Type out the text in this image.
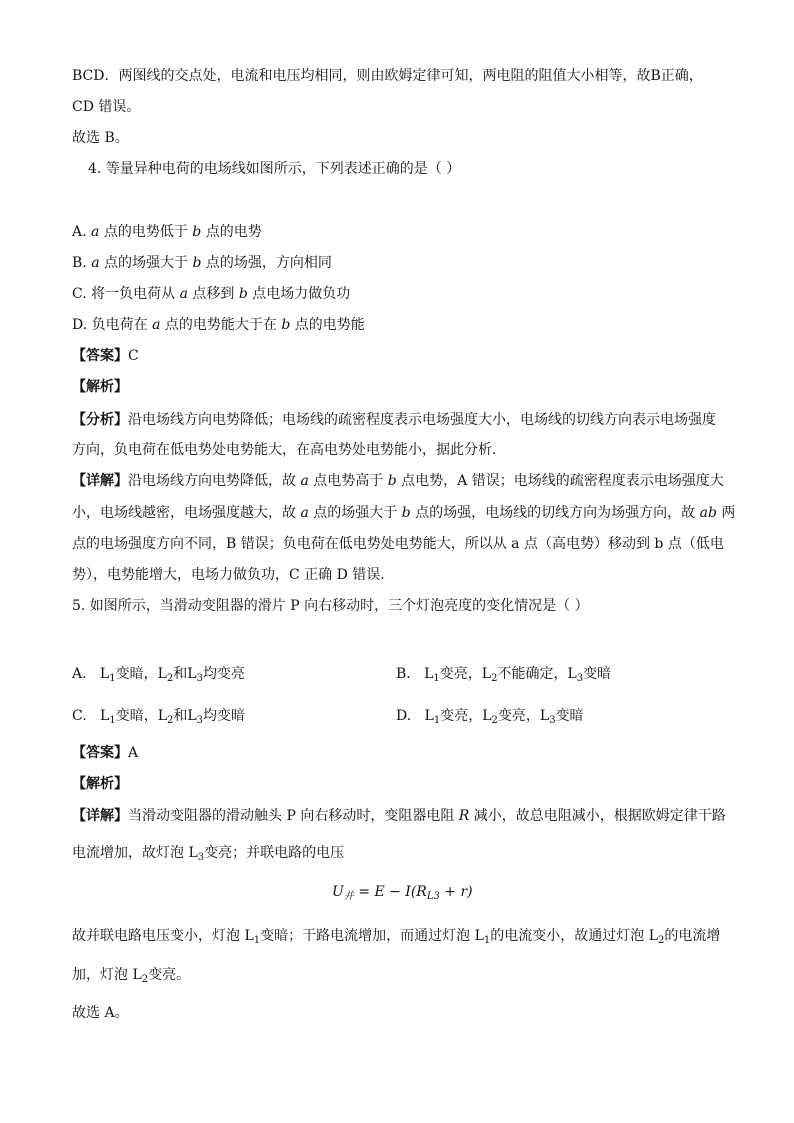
BCD．两图线的交点处，电流和电压均相同，则由欧姆定律可知，两电阻的阻值大小相等，故B正确，
CD 错误。
故选 B。
4. 等量异种电荷的电场线如图所示，下列表述正确的是（ ）
A. a 点的电势低于 b 点的电势
B. a 点的场强大于 b 点的场强，方向相同
C. 将一负电荷从 a 点移到 b 点电场力做负功
D. 负电荷在 a 点的电势能大于在 b 点的电势能
【答案】C
【解析】
【分析】沿电场线方向电势降低；电场线的疏密程度表示电场强度大小，电场线的切线方向表示电场强度
方向，负电荷在低电势处电势能大，在高电势处电势能小，据此分析．
【详解】沿电场线方向电势降低，故 a 点电势高于 b 点电势，A 错误；电场线的疏密程度表示电场强度大
小，电场线越密，电场强度越大，故 a 点的场强大于 b 点的场强，电场线的切线方向为场强方向，故 ab 两
点的电场强度方向不同，B 错误；负电荷在低电势处电势能大，所以从 a 点（高电势）移动到 b 点（低电
势），电势能增大，电场力做负功，C 正确 D 错误．
5. 如图所示，当滑动变阻器的滑片 P 向右移动时，三个灯泡亮度的变化情况是（ ）
A. $L_1$变暗，$L_2$和$L_3$均变亮	B. $L_1$变亮，$L_2$不能确定，$L_3$变暗
C. $L_1$变暗，$L_2$和$L_3$均变暗	D. $L_1$变亮，$L_2$变亮，$L_3$变暗
【答案】A
【解析】
【详解】当滑动变阻器的滑动触头 P 向右移动时，变阻器电阻 R 减小，故总电阻减小，根据欧姆定律干路
电流增加，故灯泡 $L_3$变亮；并联电路的电压
$U_并 = E - I(R_{L3} + r)$
故并联电路电压变小，灯泡 $L_1$变暗；干路电流增加，而通过灯泡 $L_1$的电流变小，故通过灯泡 $L_2$的电流增
加，灯泡 $L_2$变亮。
故选 A。
